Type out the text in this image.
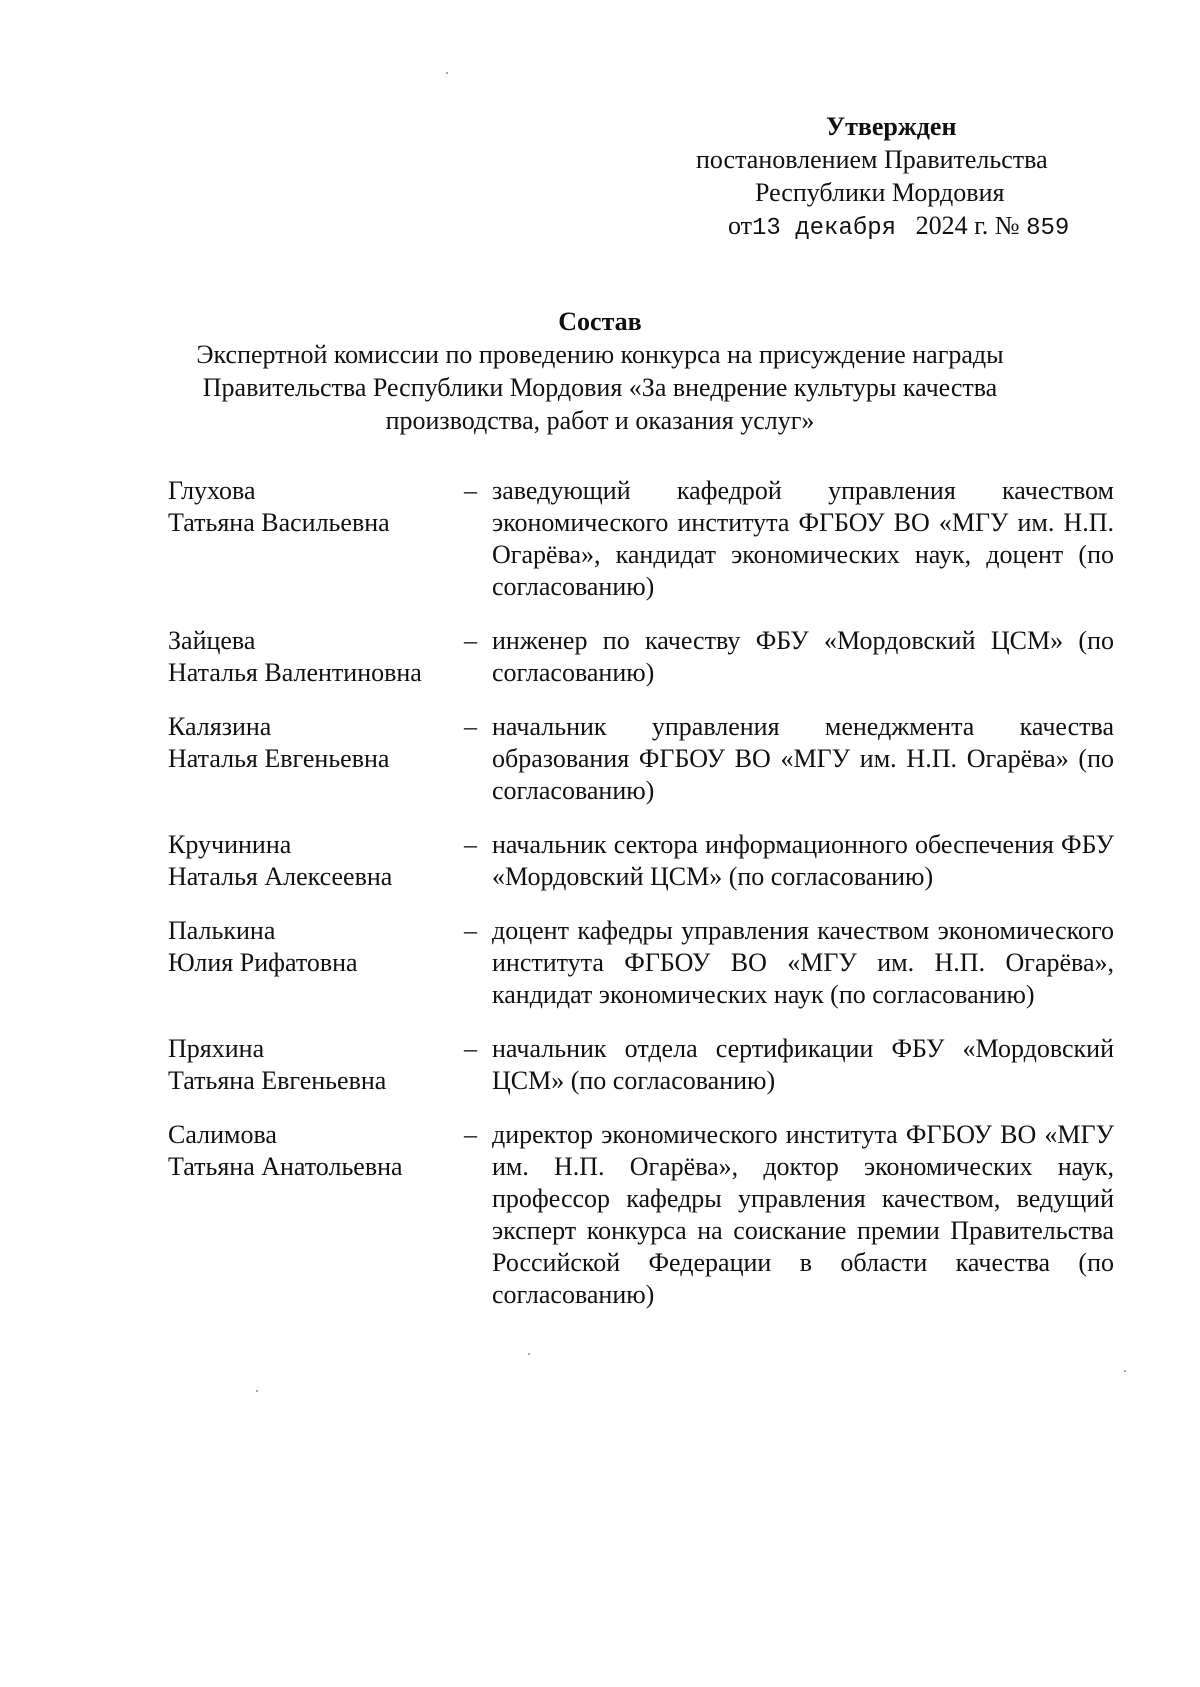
Утвержден
постановлением Правительства
Республики Мордовия
от13 декабря 2024 г. № 859
Состав
Экспертной комиссии по проведению конкурса на присуждение награды
Правительства Республики Мордовия «За внедрение культуры качества
производства, работ и оказания услуг»
Глухова
Татьяна Васильевна
– заведующий кафедрой управления качеством экономического института ФГБОУ ВО «МГУ им. Н.П. Огарёва», кандидат экономических наук, доцент (по согласованию)
Зайцева
Наталья Валентиновна
– инженер по качеству ФБУ «Мордовский ЦСМ» (по согласованию)
Калязина
Наталья Евгеньевна
– начальник управления менеджмента качества образования ФГБОУ ВО «МГУ им. Н.П. Огарёва» (по согласованию)
Кручинина
Наталья Алексеевна
– начальник сектора информационного обеспечения ФБУ «Мордовский ЦСМ» (по согласованию)
Палькина
Юлия Рифатовна
– доцент кафедры управления качеством экономического института ФГБОУ ВО «МГУ им. Н.П. Огарёва», кандидат экономических наук (по согласованию)
Пряхина
Татьяна Евгеньевна
– начальник отдела сертификации ФБУ «Мордовский ЦСМ» (по согласованию)
Салимова
Татьяна Анатольевна
– директор экономического института ФГБОУ ВО «МГУ им. Н.П. Огарёва», доктор экономических наук, профессор кафедры управления качеством, ведущий эксперт конкурса на соискание премии Правительства Российской Федерации в области качества (по согласованию)
